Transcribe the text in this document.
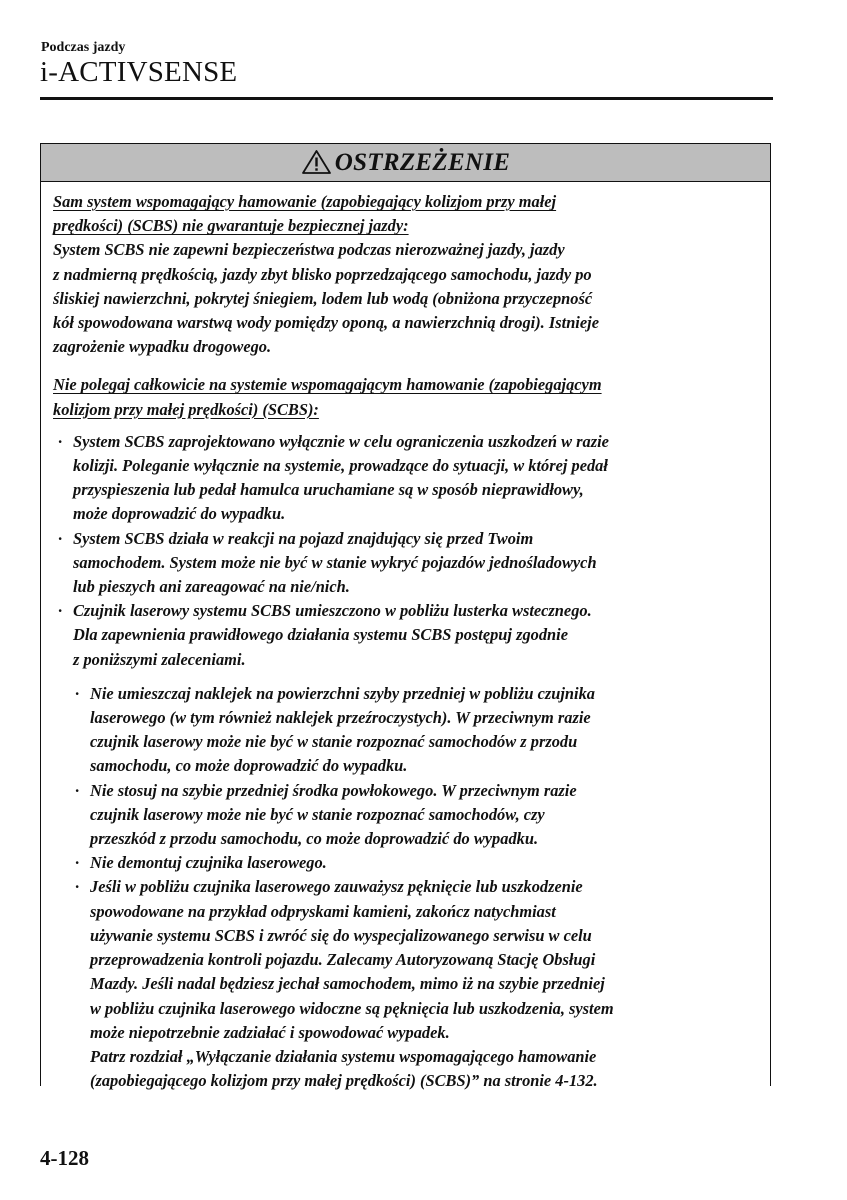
Podczas jazdy
i-ACTIVSENSE
OSTRZEŻENIE
Sam system wspomagający hamowanie (zapobiegający kolizjom przy małej
prędkości) (SCBS) nie gwarantuje bezpiecznej jazdy:
System SCBS nie zapewni bezpieczeństwa podczas nierozważnej jazdy, jazdy
z nadmierną prędkością, jazdy zbyt blisko poprzedzającego samochodu, jazdy po
śliskiej nawierzchni, pokrytej śniegiem, lodem lub wodą (obniżona przyczepność
kół spowodowana warstwą wody pomiędzy oponą, a nawierzchnią drogi). Istnieje
zagrożenie wypadku drogowego.
Nie polegaj całkowicie na systemie wspomagającym hamowanie (zapobiegającym
kolizjom przy małej prędkości) (SCBS):
· System SCBS zaprojektowano wyłącznie w celu ograniczenia uszkodzeń w razie
kolizji. Poleganie wyłącznie na systemie, prowadzące do sytuacji, w której pedał
przyspieszenia lub pedał hamulca uruchamiane są w sposób nieprawidłowy,
może doprowadzić do wypadku.
· System SCBS działa w reakcji na pojazd znajdujący się przed Twoim
samochodem. System może nie być w stanie wykryć pojazdów jednośladowych
lub pieszych ani zareagować na nie/nich.
· Czujnik laserowy systemu SCBS umieszczono w pobliżu lusterka wstecznego.
Dla zapewnienia prawidłowego działania systemu SCBS postępuj zgodnie
z poniższymi zaleceniami.
· Nie umieszczaj naklejek na powierzchni szyby przedniej w pobliżu czujnika
laserowego (w tym również naklejek przeźroczystych). W przeciwnym razie
czujnik laserowy może nie być w stanie rozpoznać samochodów z przodu
samochodu, co może doprowadzić do wypadku.
· Nie stosuj na szybie przedniej środka powłokowego. W przeciwnym razie
czujnik laserowy może nie być w stanie rozpoznać samochodów, czy
przeszkód z przodu samochodu, co może doprowadzić do wypadku.
· Nie demontuj czujnika laserowego.
· Jeśli w pobliżu czujnika laserowego zauważysz pęknięcie lub uszkodzenie
spowodowane na przykład odpryskami kamieni, zakończ natychmiast
używanie systemu SCBS i zwróć się do wyspecjalizowanego serwisu w celu
przeprowadzenia kontroli pojazdu. Zalecamy Autoryzowaną Stację Obsługi
Mazdy. Jeśli nadal będziesz jechał samochodem, mimo iż na szybie przedniej
w pobliżu czujnika laserowego widoczne są pęknięcia lub uszkodzenia, system
może niepotrzebnie zadziałać i spowodować wypadek.
Patrz rozdział „Wyłączanie działania systemu wspomagającego hamowanie
(zapobiegającego kolizjom przy małej prędkości) (SCBS)” na stronie 4-132.
4-128
